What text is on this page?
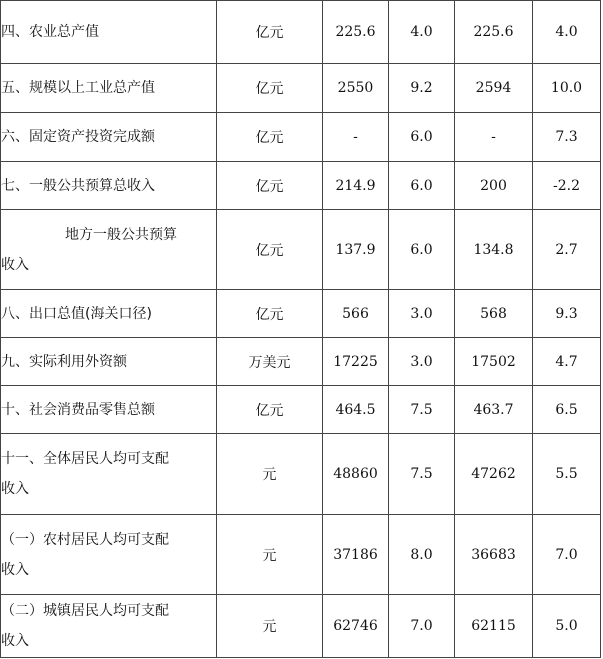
四、农业总产值	亿元	225.6	4.0	225.6	4.0
五、规模以上工业总产值	亿元	2550	9.2	2594	10.0
六、固定资产投资完成额	亿元	-	6.0	-	7.3
七、一般公共预算总收入	亿元	214.9	6.0	200	-2.2

地方一般公共预算
收入	亿元	137.9	6.0	134.8	2.7
八、出口总值(海关口径)	亿元	566	3.0	568	9.3
九、实际利用外资额	万美元	17225	3.0	17502	4.7
十、社会消费品零售总额	亿元	464.5	7.5	463.7	6.5

十一、全体居民人均可支配
收入	元	48860	7.5	47262	5.5

（一）农村居民人均可支配
收入	元	37186	8.0	36683	7.0

（二）城镇居民人均可支配
收入	元	62746	7.0	62115	5.0
